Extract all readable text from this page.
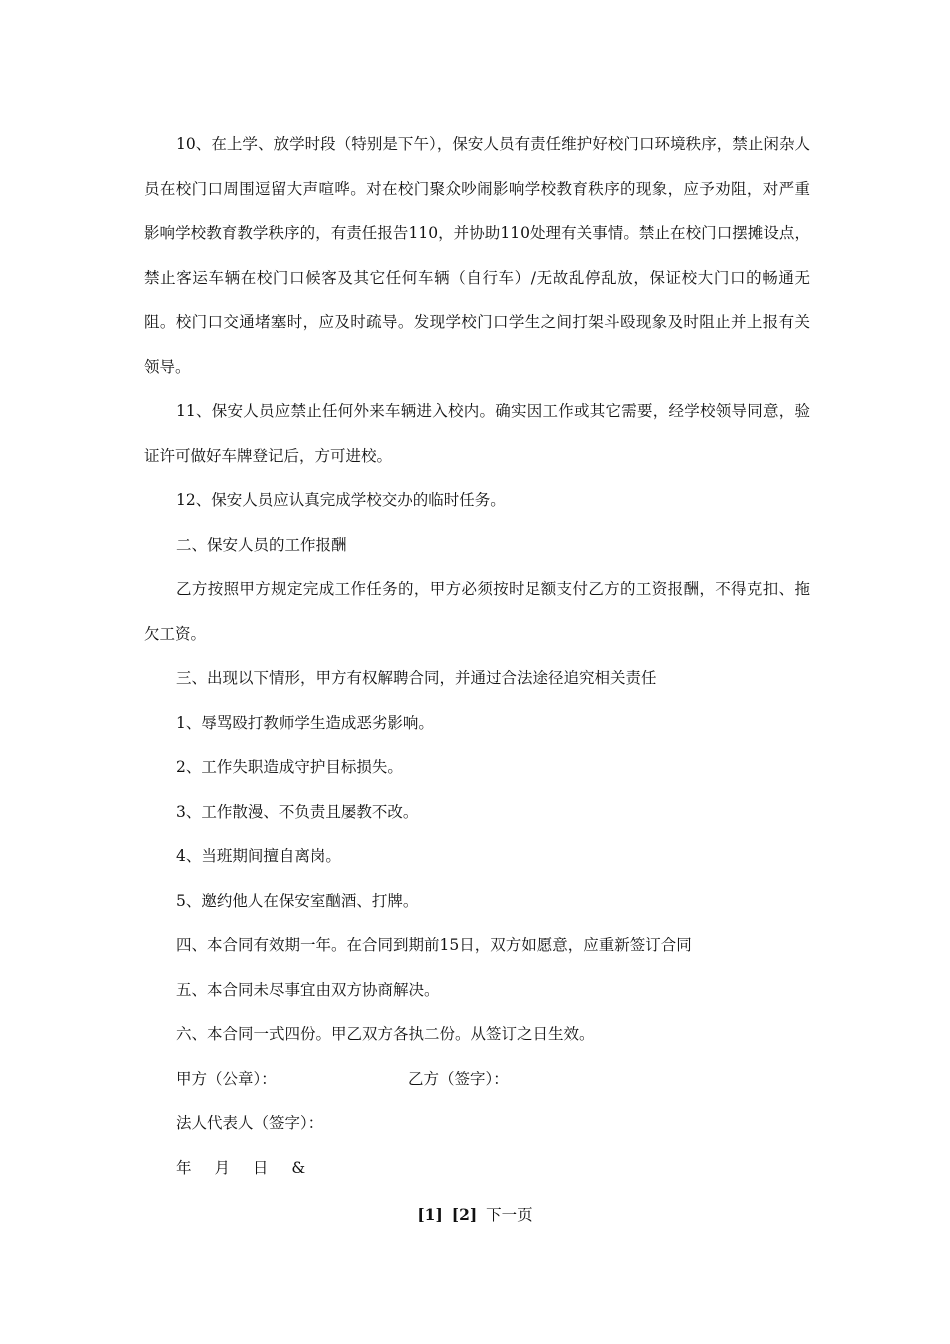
10、在上学、放学时段（特别是下午），保安人员有责任维护好校门口环境秩序，禁止闲杂人员在校门口周围逗留大声喧哗。对在校门聚众吵闹影响学校教育秩序的现象，应予劝阻，对严重影响学校教育教学秩序的，有责任报告110，并协助110处理有关事情。禁止在校门口摆摊设点，禁止客运车辆在校门口候客及其它任何车辆（自行车）/无故乱停乱放，保证校大门口的畅通无阻。校门口交通堵塞时，应及时疏导。发现学校门口学生之间打架斗殴现象及时阻止并上报有关领导。

11、保安人员应禁止任何外来车辆进入校内。确实因工作或其它需要，经学校领导同意，验证许可做好车牌登记后，方可进校。

12、保安人员应认真完成学校交办的临时任务。

二、保安人员的工作报酬

乙方按照甲方规定完成工作任务的，甲方必须按时足额支付乙方的工资报酬，不得克扣、拖欠工资。

三、出现以下情形，甲方有权解聘合同，并通过合法途径追究相关责任

1、辱骂殴打教师学生造成恶劣影响。

2、工作失职造成守护目标损失。

3、工作散漫、不负责且屡教不改。

4、当班期间擅自离岗。

5、邀约他人在保安室酗酒、打牌。

四、本合同有效期一年。在合同到期前15日，双方如愿意，应重新签订合同

五、本合同未尽事宜由双方协商解决。

六、本合同一式四份。甲乙双方各执二份。从签订之日生效。

甲方（公章）：	乙方（签字）：

法人代表人（签字）：

年 月 日 &
[1] [2] 下一页
